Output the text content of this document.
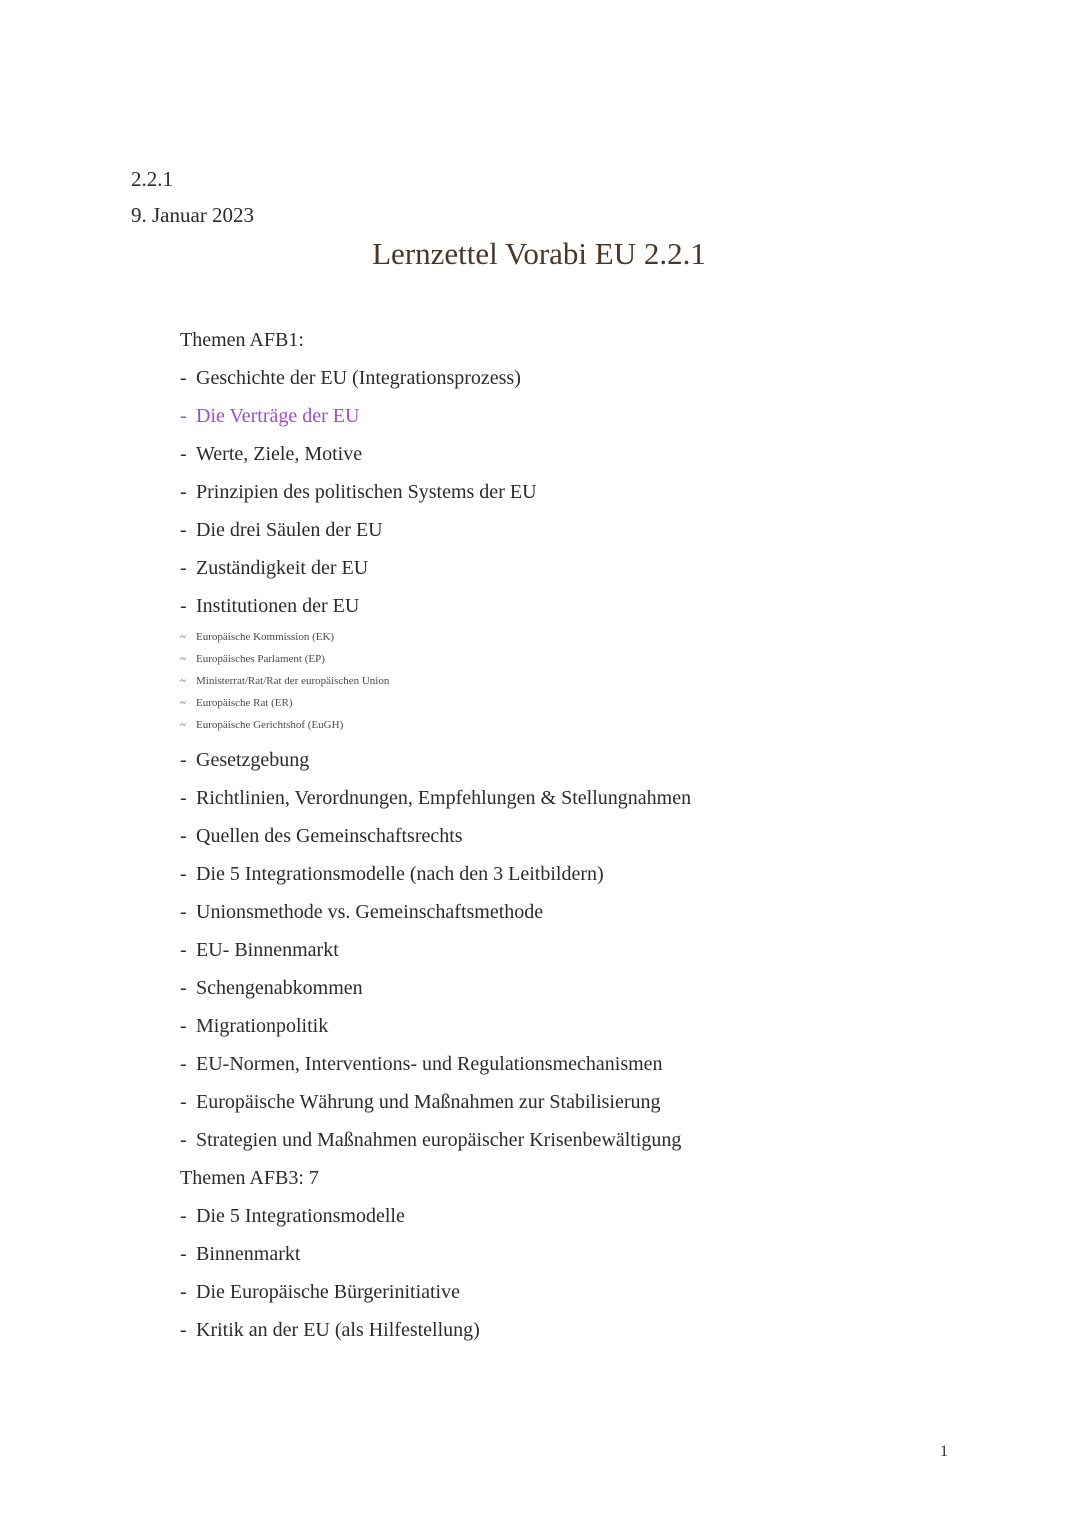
2.2.1
9. Januar 2023
Lernzettel Vorabi EU 2.2.1
Themen AFB1:
- Geschichte der EU (Integrationsprozess)
- Die Verträge der EU
- Werte, Ziele, Motive
- Prinzipien des politischen Systems der EU
- Die drei Säulen der EU
- Zuständigkeit der EU
- Institutionen der EU
~ Europäische Kommission (EK)
~ Europäisches Parlament (EP)
~ Ministerrat/Rat/Rat der europäischen Union
~ Europäische Rat (ER)
~ Europäische Gerichtshof (EuGH)
- Gesetzgebung
- Richtlinien, Verordnungen, Empfehlungen & Stellungnahmen
- Quellen des Gemeinschaftsrechts
- Die 5 Integrationsmodelle (nach den 3 Leitbildern)
- Unionsmethode vs. Gemeinschaftsmethode
- EU- Binnenmarkt
- Schengenabkommen
- Migrationpolitik
- EU-Normen, Interventions- und Regulationsmechanismen
- Europäische Währung und Maßnahmen zur Stabilisierung
- Strategien und Maßnahmen europäischer Krisenbewältigung
Themen AFB3: 7
- Die 5 Integrationsmodelle
- Binnenmarkt
- Die Europäische Bürgerinitiative
- Kritik an der EU (als Hilfestellung)
1
